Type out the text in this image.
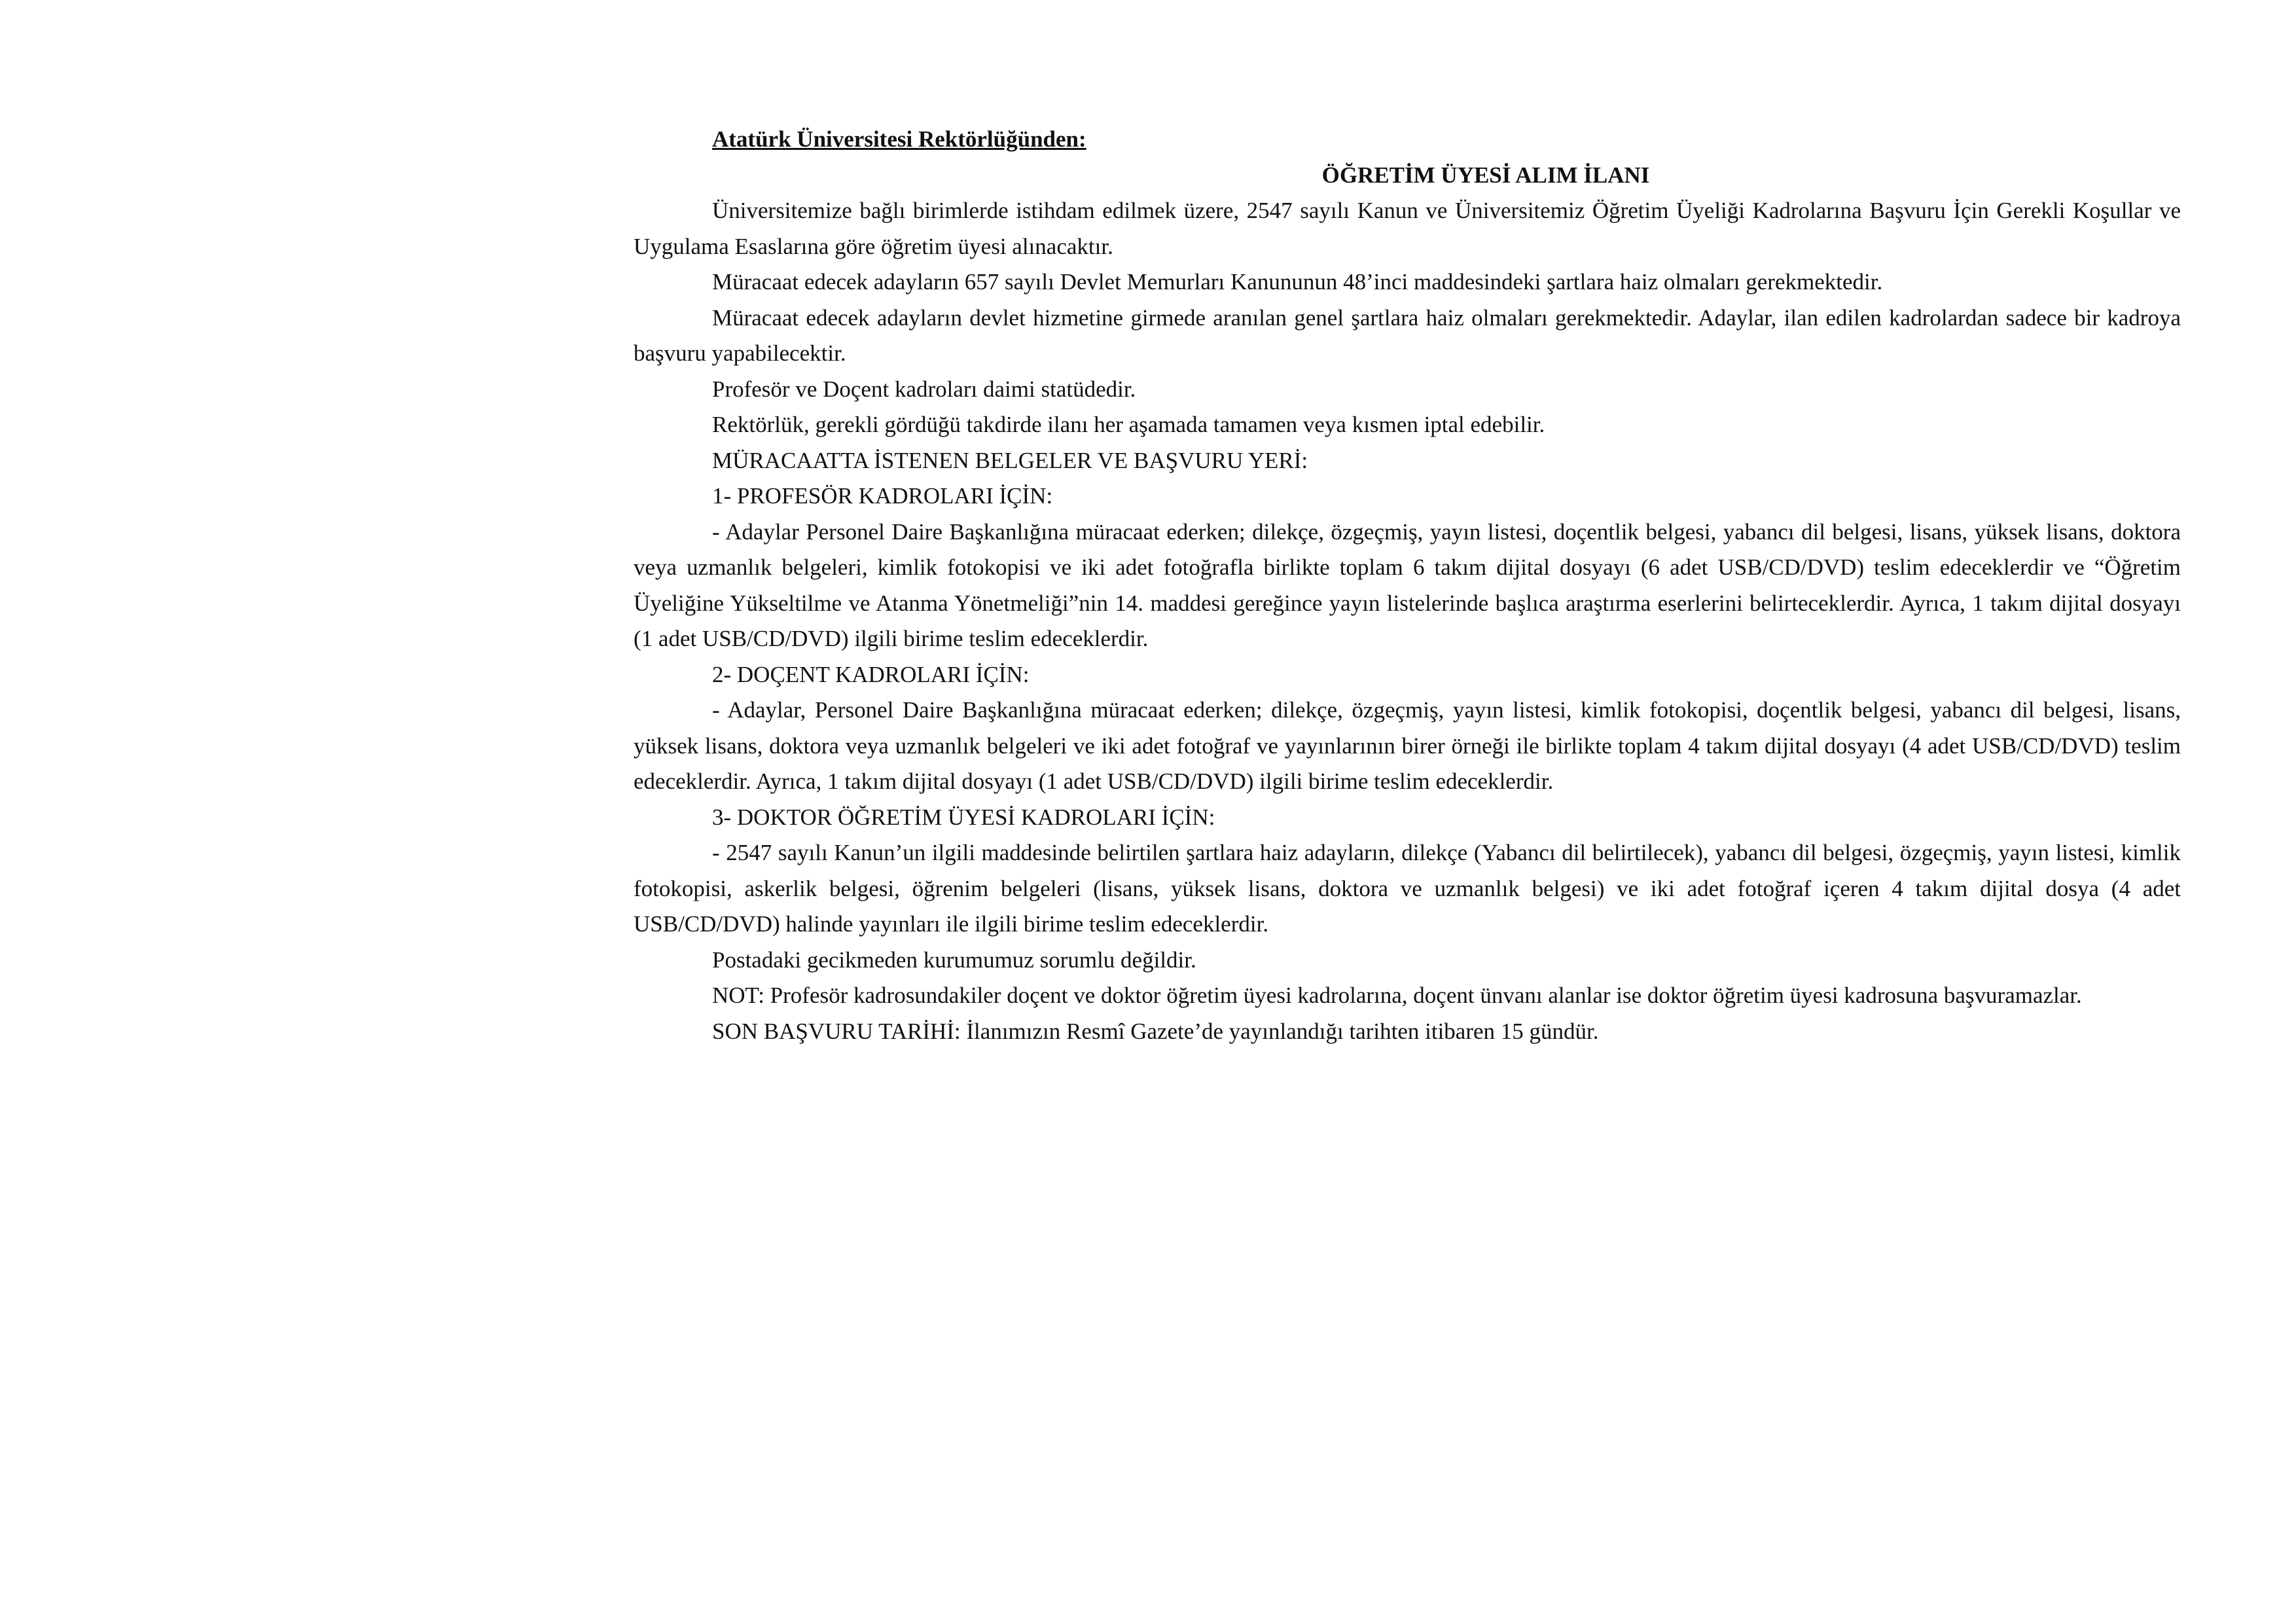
Atatürk Üniversitesi Rektörlüğünden:

ÖĞRETİM ÜYESİ ALIM İLANI

Üniversitemize bağlı birimlerde istihdam edilmek üzere, 2547 sayılı Kanun ve Üniversitemiz Öğretim Üyeliği Kadrolarına Başvuru İçin Gerekli Koşullar ve Uygulama Esaslarına göre öğretim üyesi alınacaktır.

Müracaat edecek adayların 657 sayılı Devlet Memurları Kanununun 48’inci maddesindeki şartlara haiz olmaları gerekmektedir.

Müracaat edecek adayların devlet hizmetine girmede aranılan genel şartlara haiz olmaları gerekmektedir. Adaylar, ilan edilen kadrolardan sadece bir kadroya başvuru yapabilecektir.

Profesör ve Doçent kadroları daimi statüdedir.

Rektörlük, gerekli gördüğü takdirde ilanı her aşamada tamamen veya kısmen iptal edebilir.

MÜRACAATTA İSTENEN BELGELER VE BAŞVURU YERİ:

1- PROFESÖR KADROLARI İÇİN:

- Adaylar Personel Daire Başkanlığına müracaat ederken; dilekçe, özgeçmiş, yayın listesi, doçentlik belgesi, yabancı dil belgesi, lisans, yüksek lisans, doktora veya uzmanlık belgeleri, kimlik fotokopisi ve iki adet fotoğrafla birlikte toplam 6 takım dijital dosyayı (6 adet USB/CD/DVD) teslim edeceklerdir ve “Öğretim Üyeliğine Yükseltilme ve Atanma Yönetmeliği”nin 14. maddesi gereğince yayın listelerinde başlıca araştırma eserlerini belirteceklerdir. Ayrıca, 1 takım dijital dosyayı (1 adet USB/CD/DVD) ilgili birime teslim edeceklerdir.

2- DOÇENT KADROLARI İÇİN:

- Adaylar, Personel Daire Başkanlığına müracaat ederken; dilekçe, özgeçmiş, yayın listesi, kimlik fotokopisi, doçentlik belgesi, yabancı dil belgesi, lisans, yüksek lisans, doktora veya uzmanlık belgeleri ve iki adet fotoğraf ve yayınlarının birer örneği ile birlikte toplam 4 takım dijital dosyayı (4 adet USB/CD/DVD) teslim edeceklerdir. Ayrıca, 1 takım dijital dosyayı (1 adet USB/CD/DVD) ilgili birime teslim edeceklerdir.

3- DOKTOR ÖĞRETİM ÜYESİ KADROLARI İÇİN:

- 2547 sayılı Kanun’un ilgili maddesinde belirtilen şartlara haiz adayların, dilekçe (Yabancı dil belirtilecek), yabancı dil belgesi, özgeçmiş, yayın listesi, kimlik fotokopisi, askerlik belgesi, öğrenim belgeleri (lisans, yüksek lisans, doktora ve uzmanlık belgesi) ve iki adet fotoğraf içeren 4 takım dijital dosya (4 adet USB/CD/DVD) halinde yayınları ile ilgili birime teslim edeceklerdir.

Postadaki gecikmeden kurumumuz sorumlu değildir.

NOT: Profesör kadrosundakiler doçent ve doktor öğretim üyesi kadrolarına, doçent ünvanı alanlar ise doktor öğretim üyesi kadrosuna başvuramazlar.

SON BAŞVURU TARİHİ: İlanımızın Resmî Gazete’de yayınlandığı tarihten itibaren 15 gündür.
